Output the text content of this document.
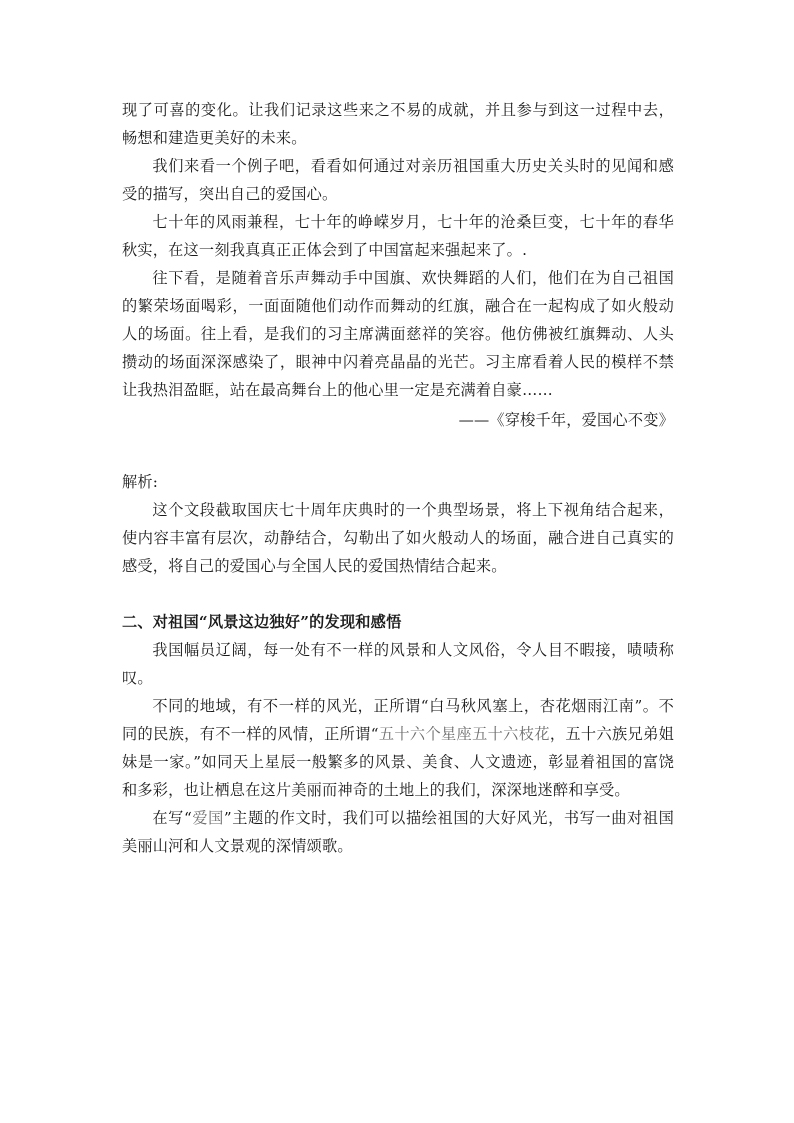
现了可喜的变化。让我们记录这些来之不易的成就，并且参与到这一过程中去，畅想和建造更美好的未来。

我们来看一个例子吧，看看如何通过对亲历祖国重大历史关头时的见闻和感受的描写，突出自己的爱国心。

七十年的风雨兼程，七十年的峥嵘岁月，七十年的沧桑巨变，七十年的春华秋实，在这一刻我真真正正体会到了中国富起来强起来了。.

往下看，是随着音乐声舞动手中国旗、欢快舞蹈的人们，他们在为自己祖国的繁荣场面喝彩，一面面随他们动作而舞动的红旗，融合在一起构成了如火般动人的场面。往上看，是我们的习主席满面慈祥的笑容。他仿佛被红旗舞动、人头攒动的场面深深感染了，眼神中闪着亮晶晶的光芒。习主席看着人民的模样不禁让我热泪盈眶，站在最高舞台上的他心里一定是充满着自豪……

——《穿梭千年，爱国心不变》

解析:

这个文段截取国庆七十周年庆典时的一个典型场景，将上下视角结合起来，使内容丰富有层次，动静结合，勾勒出了如火般动人的场面，融合进自己真实的感受，将自己的爱国心与全国人民的爱国热情结合起来。

二、对祖国“风景这边独好”的发现和感悟

我国幅员辽阔，每一处有不一样的风景和人文风俗，令人目不暇接，啧啧称叹。

不同的地域，有不一样的风光，正所谓“白马秋风塞上，杏花烟雨江南”。不同的民族，有不一样的风情，正所谓“五十六个星座五十六枝花，五十六族兄弟姐妹是一家。”如同天上星辰一般繁多的风景、美食、人文遗迹，彰显着祖国的富饶和多彩，也让栖息在这片美丽而神奇的土地上的我们，深深地迷醉和享受。

在写“爱国”主题的作文时，我们可以描绘祖国的大好风光，书写一曲对祖国美丽山河和人文景观的深情颂歌。
